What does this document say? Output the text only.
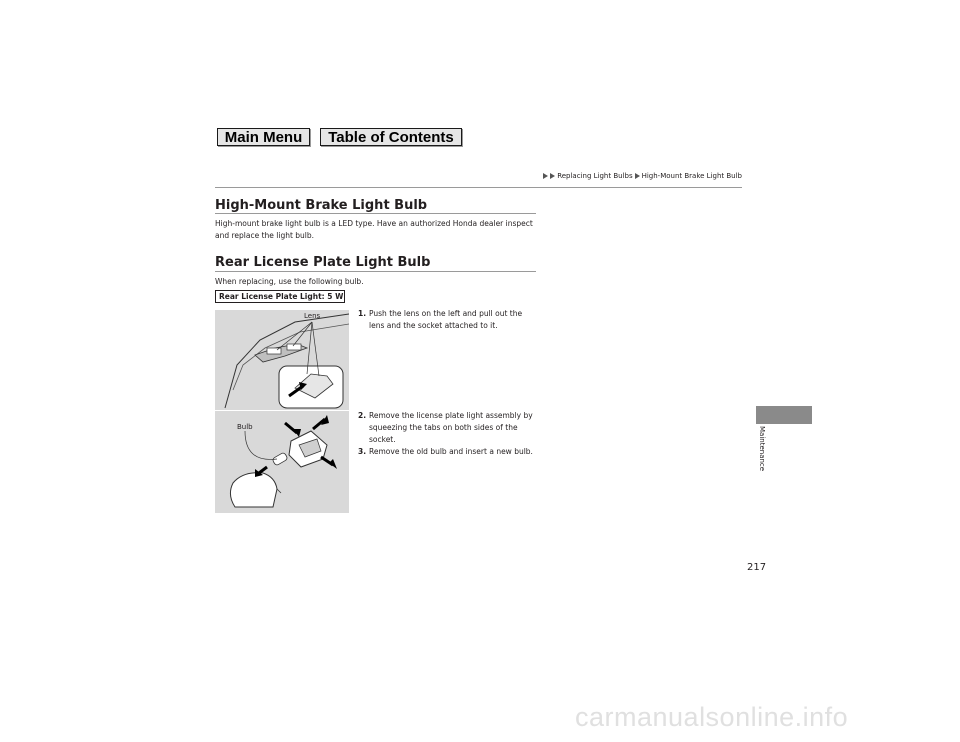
Main Menu	Table of Contents
Replacing Light Bulbs High-Mount Brake Light Bulb
High-Mount Brake Light Bulb
High-mount brake light bulb is a LED type. Have an authorized Honda dealer inspect and replace the light bulb.
Rear License Plate Light Bulb
When replacing, use the following bulb.
Rear License Plate Light: 5 W
Lens
Bulb

1. Push the lens on the left and pull out the lens and the socket attached to it.

2. Remove the license plate light assembly by squeezing the tabs on both sides of the socket.

3. Remove the old bulb and insert a new bulb.	Maintenance
217
carmanualsonline.info
